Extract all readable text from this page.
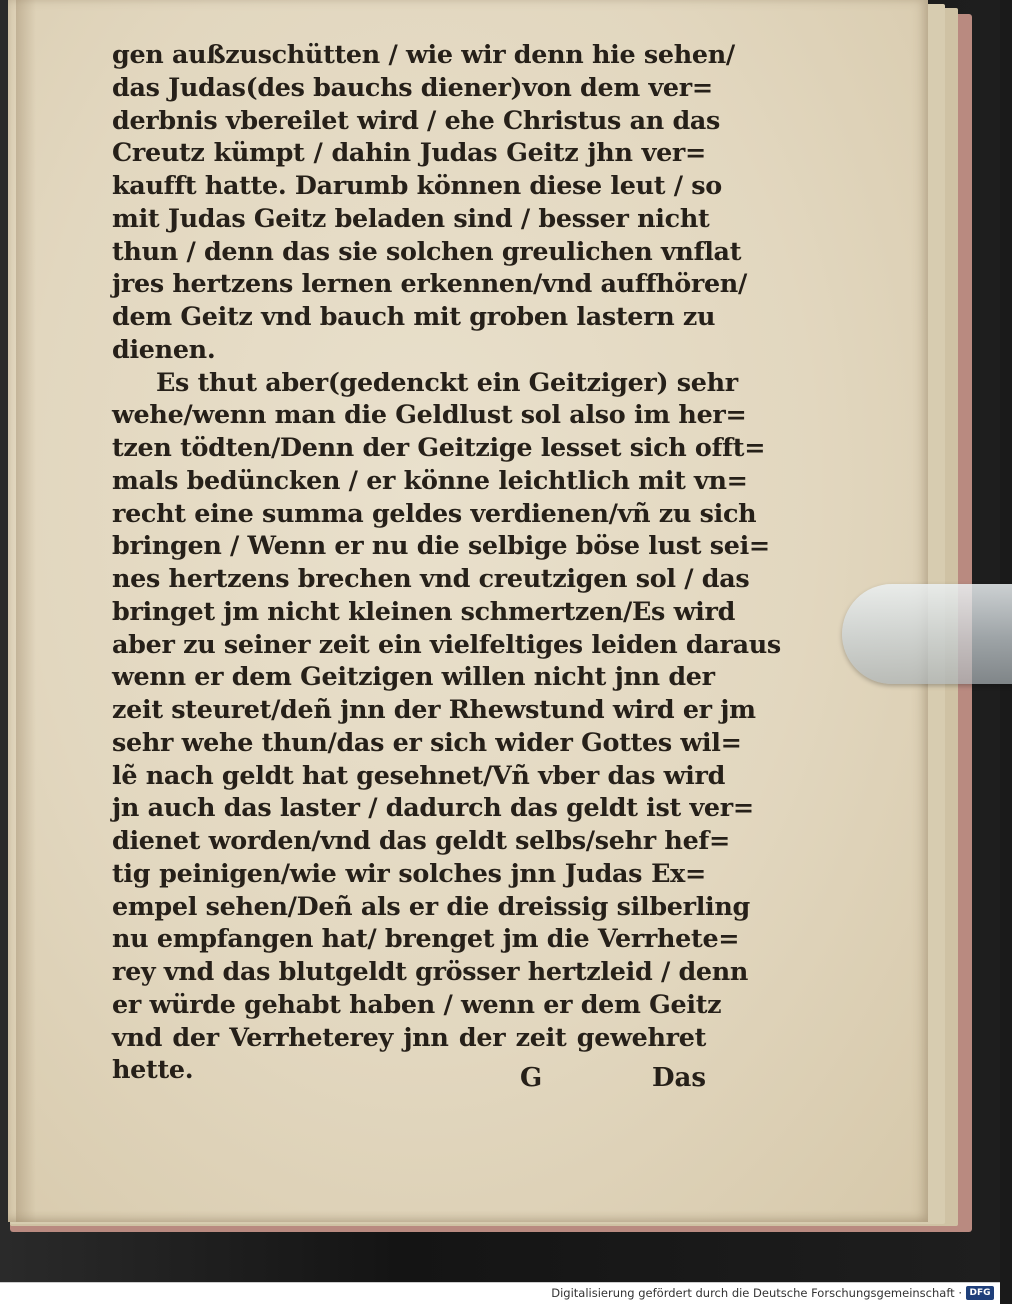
gen außzuschütten / wie wir denn hie sehen/
das Judas(des bauchs diener)von dem ver=
derbnis vbereilet wird / ehe Christus an das
Creutz kümpt / dahin Judas Geitz jhn ver=
kaufft hatte. Darumb können diese leut / so
mit Judas Geitz beladen sind / besser nicht
thun / denn das sie solchen greulichen vnflat
jres hertzens lernen erkennen/vnd auffhören/
dem Geitz vnd bauch mit groben lastern zu
dienen.
Es thut aber(gedenckt ein Geitziger) sehr
wehe/wenn man die Geldlust sol also im her=
tzen tödten/Denn der Geitzige lesset sich offt=
mals bedüncken / er könne leichtlich mit vn=
recht eine summa geldes verdienen/vñ zu sich
bringen / Wenn er nu die selbige böse lust sei=
nes hertzens brechen vnd creutzigen sol / das
bringet jm nicht kleinen schmertzen/Es wird
aber zu seiner zeit ein vielfeltiges leiden daraus
wenn er dem Geitzigen willen nicht jnn der
zeit steuret/deñ jnn der Rhewstund wird er jm
sehr wehe thun/das er sich wider Gottes wil=
lẽ nach geldt hat gesehnet/Vñ vber das wird
jn auch das laster / dadurch das geldt ist ver=
dienet worden/vnd das geldt selbs/sehr hef=
tig peinigen/wie wir solches jnn Judas Ex=
empel sehen/Deñ als er die dreissig silberling
nu empfangen hat/ brenget jm die Verrhete=
rey vnd das blutgeldt grösser hertzleid / denn
er würde gehabt haben / wenn er dem Geitz
vnd der Verrheterey jnn der zeit gewehret
hette.	G	Das
Digitalisierung gefördert durch die Deutsche Forschungsgemeinschaft · DFG
